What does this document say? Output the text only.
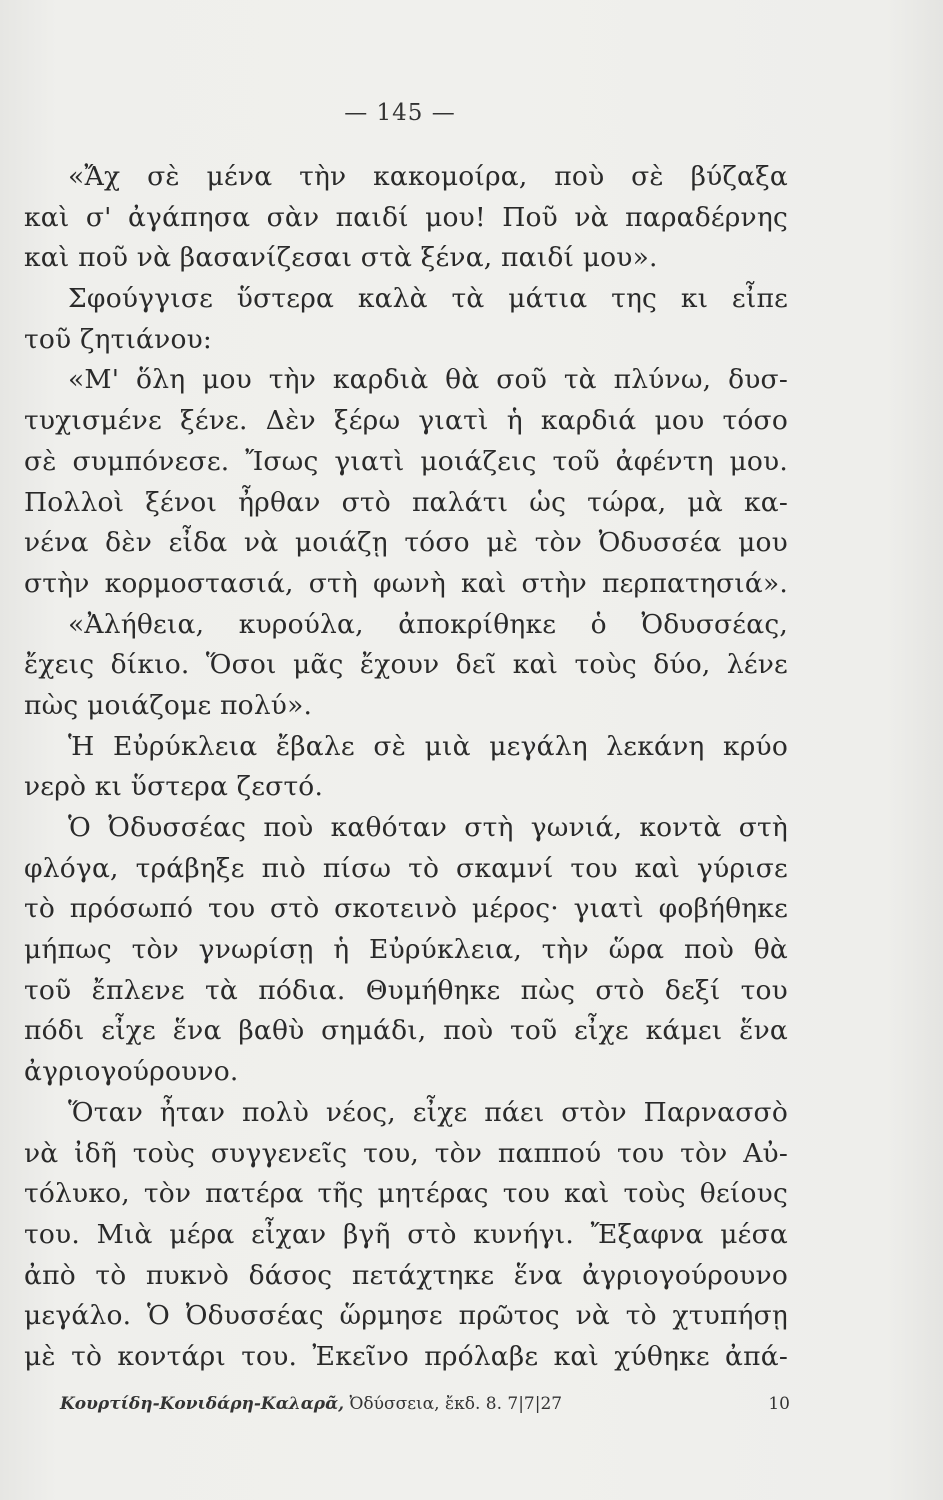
— 145 —
«Ἄχ σὲ μένα τὴν κακομοίρα, ποὺ σὲ βύζαξα
καὶ σ' ἀγάπησα σὰν παιδί μου! Ποῦ νὰ παραδέρνης
καὶ ποῦ νὰ βασανίζεσαι στὰ ξένα, παιδί μου».
Σφούγγισε ὕστερα καλὰ τὰ μάτια της κι εἶπε
τοῦ ζητιάνου:
«Μ' ὅλη μου τὴν καρδιὰ θὰ σοῦ τὰ πλύνω, δυσ-
τυχισμένε ξένε. Δὲν ξέρω γιατὶ ἡ καρδιά μου τόσο
σὲ συμπόνεσε. Ἴσως γιατὶ μοιάζεις τοῦ ἀφέντη μου.
Πολλοὶ ξένοι ἦρθαν στὸ παλάτι ὡς τώρα, μὰ κα-
νένα δὲν εἶδα νὰ μοιάζῃ τόσο μὲ τὸν Ὀδυσσέα μου
στὴν κορμοστασιά, στὴ φωνὴ καὶ στὴν περπατησιά».
«Ἀλήθεια, κυρούλα, ἀποκρίθηκε ὁ Ὀδυσσέας,
ἔχεις δίκιο. Ὅσοι μᾶς ἔχουν δεῖ καὶ τοὺς δύο, λένε
πὼς μοιάζομε πολύ».
Ἡ Εὐρύκλεια ἔβαλε σὲ μιὰ μεγάλη λεκάνη κρύο
νερὸ κι ὕστερα ζεστό.
Ὁ Ὀδυσσέας ποὺ καθόταν στὴ γωνιά, κοντὰ στὴ
φλόγα, τράβηξε πιὸ πίσω τὸ σκαμνί του καὶ γύρισε
τὸ πρόσωπό του στὸ σκοτεινὸ μέρος· γιατὶ φοβήθηκε
μήπως τὸν γνωρίσῃ ἡ Εὐρύκλεια, τὴν ὥρα ποὺ θὰ
τοῦ ἔπλενε τὰ πόδια. Θυμήθηκε πὼς στὸ δεξί του
πόδι εἶχε ἕνα βαθὺ σημάδι, ποὺ τοῦ εἶχε κάμει ἕνα
ἀγριογούρουνο.
Ὅταν ἦταν πολὺ νέος, εἶχε πάει στὸν Παρνασσὸ
νὰ ἰδῆ τοὺς συγγενεῖς του, τὸν παππού του τὸν Αὐ-
τόλυκο, τὸν πατέρα τῆς μητέρας του καὶ τοὺς θείους
του. Μιὰ μέρα εἶχαν βγῆ στὸ κυνήγι. Ἔξαφνα μέσα
ἀπὸ τὸ πυκνὸ δάσος πετάχτηκε ἕνα ἀγριογούρουνο
μεγάλο. Ὁ Ὀδυσσέας ὥρμησε πρῶτος νὰ τὸ χτυπήσῃ
μὲ τὸ κοντάρι του. Ἐκεῖνο πρόλαβε καὶ χύθηκε ἀπά-
Κουρτίδη-Κονιδάρη-Καλαρᾶ, Ὀδύσσεια, ἔκδ. 8. 7|7|27	10
